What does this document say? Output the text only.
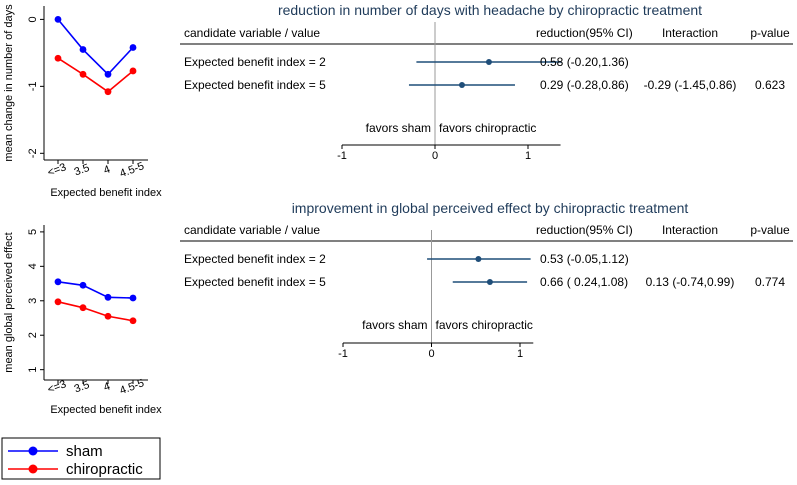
0
-1
-2
<=3 3.5 4 4.5-5
mean change in number of days
Expected benefit index
1
2
3
4
5
<=3 3.5 4 4.5-5
mean global perceived effect
Expected benefit index
reduction in number of days with headache by chiropractic treatment
candidate variable / value	reduction(95% CI) Interaction	p-value
Expected benefit index = 2	0.58 (-0.20,1.36)
Expected benefit index = 5	0.29 (-0.28,0.86) -0.29 (-1.45,0.86) 0.623
favors sham favors chiropractic
-1	0	1
improvement in global perceived effect by chiropractic treatment
candidate variable / value	reduction(95% CI) Interaction	p-value
Expected benefit index = 2	0.53 (-0.05,1.12)
Expected benefit index = 5	0.66 ( 0.24,1.08) 0.13 (-0.74,0.99) 0.774
favors sham favors chiropractic
-1	0	1
sham
chiropractic
